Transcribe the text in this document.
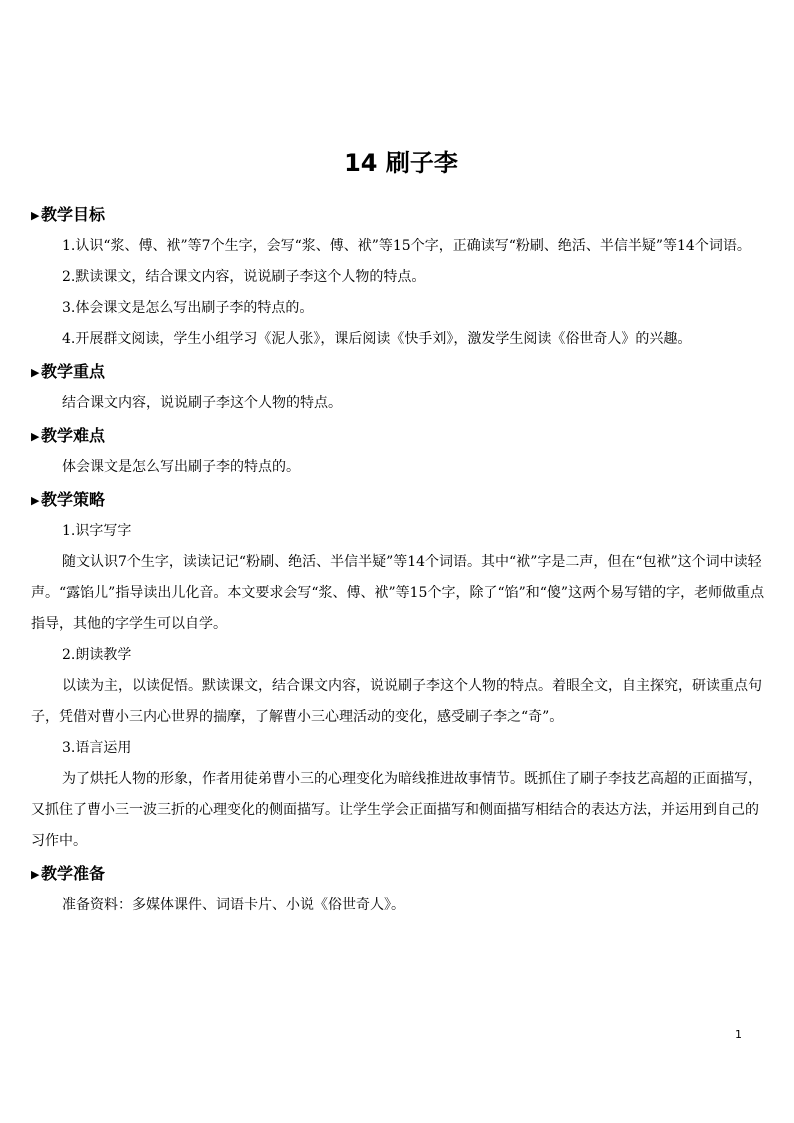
14 刷子李
▶教学目标

1.认识“浆、傅、袱”等7个生字，会写“浆、傅、袱”等15个字，正确读写“粉刷、绝活、半信半疑”等14个词语。

2.默读课文，结合课文内容，说说刷子李这个人物的特点。

3.体会课文是怎么写出刷子李的特点的。

4.开展群文阅读，学生小组学习《泥人张》，课后阅读《快手刘》，激发学生阅读《俗世奇人》的兴趣。

▶教学重点

结合课文内容，说说刷子李这个人物的特点。

▶教学难点

体会课文是怎么写出刷子李的特点的。

▶教学策略

1.识字写字

随文认识7个生字，读读记记“粉刷、绝活、半信半疑”等14个词语。其中“袱”字是二声，但在“包袱”这个词中读轻声。“露馅儿”指导读出儿化音。本文要求会写“浆、傅、袱”等15个字，除了“馅”和“傻”这两个易写错的字，老师做重点指导，其他的字学生可以自学。

2.朗读教学

以读为主，以读促悟。默读课文，结合课文内容，说说刷子李这个人物的特点。着眼全文，自主探究，研读重点句子，凭借对曹小三内心世界的揣摩，了解曹小三心理活动的变化，感受刷子李之“奇”。

3.语言运用

为了烘托人物的形象，作者用徒弟曹小三的心理变化为暗线推进故事情节。既抓住了刷子李技艺高超的正面描写，又抓住了曹小三一波三折的心理变化的侧面描写。让学生学会正面描写和侧面描写相结合的表达方法，并运用到自己的习作中。

▶教学准备

准备资料：多媒体课件、词语卡片、小说《俗世奇人》。

1
